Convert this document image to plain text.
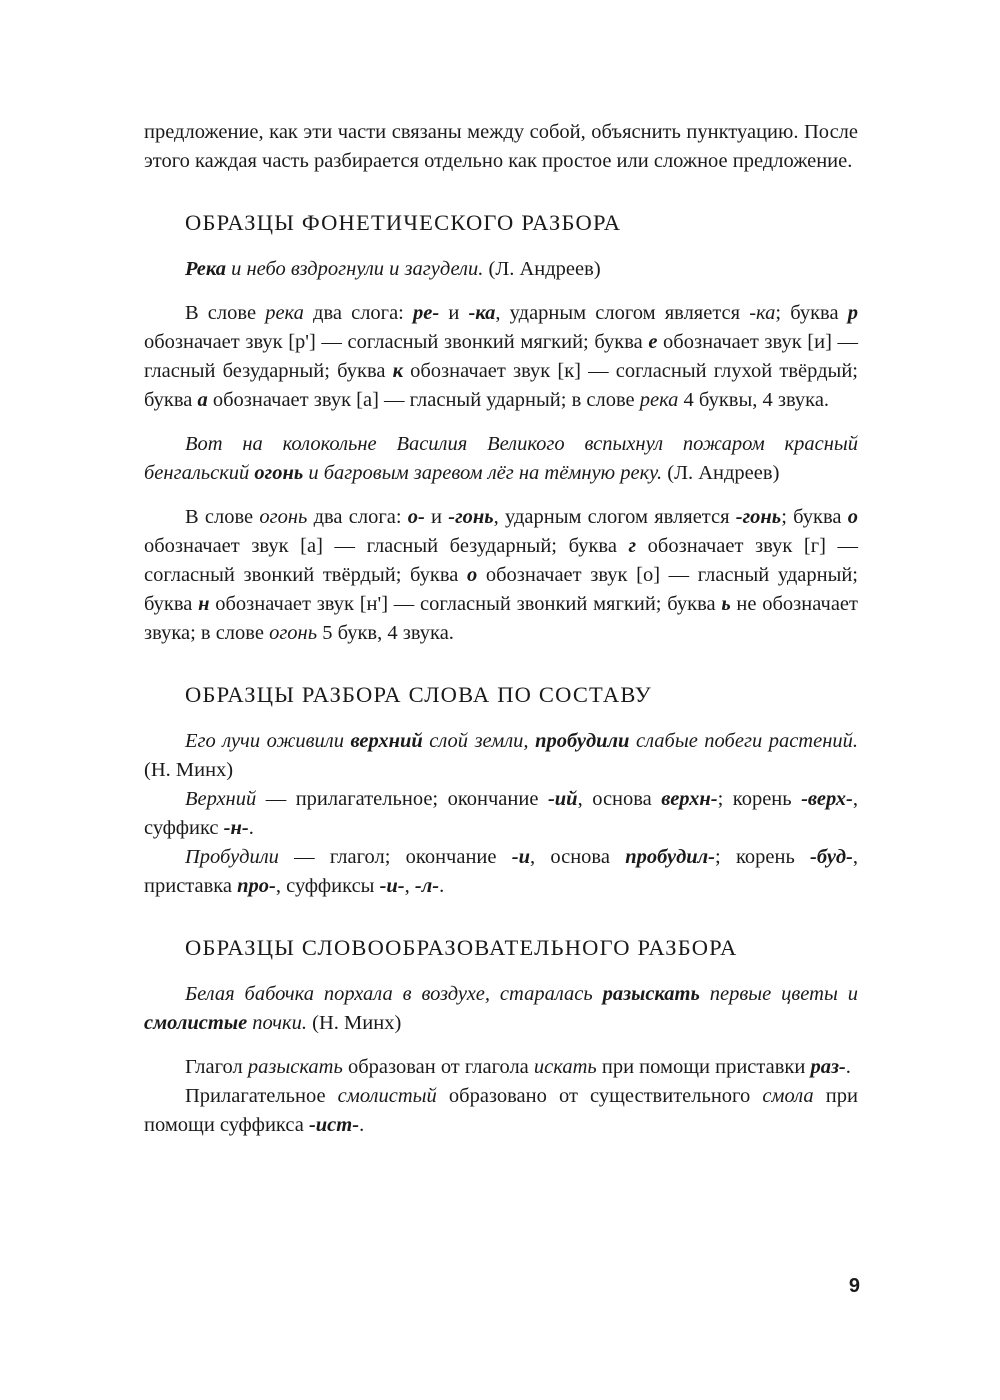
предложение, как эти части связаны между собой, объяснить пунктуацию. После этого каждая часть разбирается отдельно как простое или сложное предложение.

ОБРАЗЦЫ ФОНЕТИЧЕСКОГО РАЗБОРА

Река и небо вздрогнули и загудели. (Л. Андреев)

В слове река два слога: ре- и -ка, ударным слогом является -ка; буква р обозначает звук [р'] — согласный звонкий мягкий; буква е обозначает звук [и] — гласный безударный; буква к обозначает звук [к] — согласный глухой твёрдый; буква а обозначает звук [а] — гласный ударный; в слове река 4 буквы, 4 звука.

Вот на колокольне Василия Великого вспыхнул пожаром красный бенгальский огонь и багровым заревом лёг на тёмную реку. (Л. Андреев)

В слове огонь два слога: о- и -гонь, ударным слогом является -гонь; буква о обозначает звук [а] — гласный безударный; буква г обозначает звук [г] — согласный звонкий твёрдый; буква о обозначает звук [о] — гласный ударный; буква н обозначает звук [н'] — согласный звонкий мягкий; буква ь не обозначает звука; в слове огонь 5 букв, 4 звука.

ОБРАЗЦЫ РАЗБОРА СЛОВА ПО СОСТАВУ

Его лучи оживили верхний слой земли, пробудили слабые побеги растений. (Н. Минх)

Верхний — прилагательное; окончание -ий, основа верхн-; корень -верх-, суффикс -н-.

Пробудили — глагол; окончание -и, основа пробудил-; корень -буд-, приставка про-, суффиксы -и-, -л-.

ОБРАЗЦЫ СЛОВООБРАЗОВАТЕЛЬНОГО РАЗБОРА

Белая бабочка порхала в воздухе, старалась разыскать первые цветы и смолистые почки. (Н. Минх)

Глагол разыскать образован от глагола искать при помощи приставки раз-.

Прилагательное смолистый образовано от существительного смола при помощи суффикса -ист-.

9
